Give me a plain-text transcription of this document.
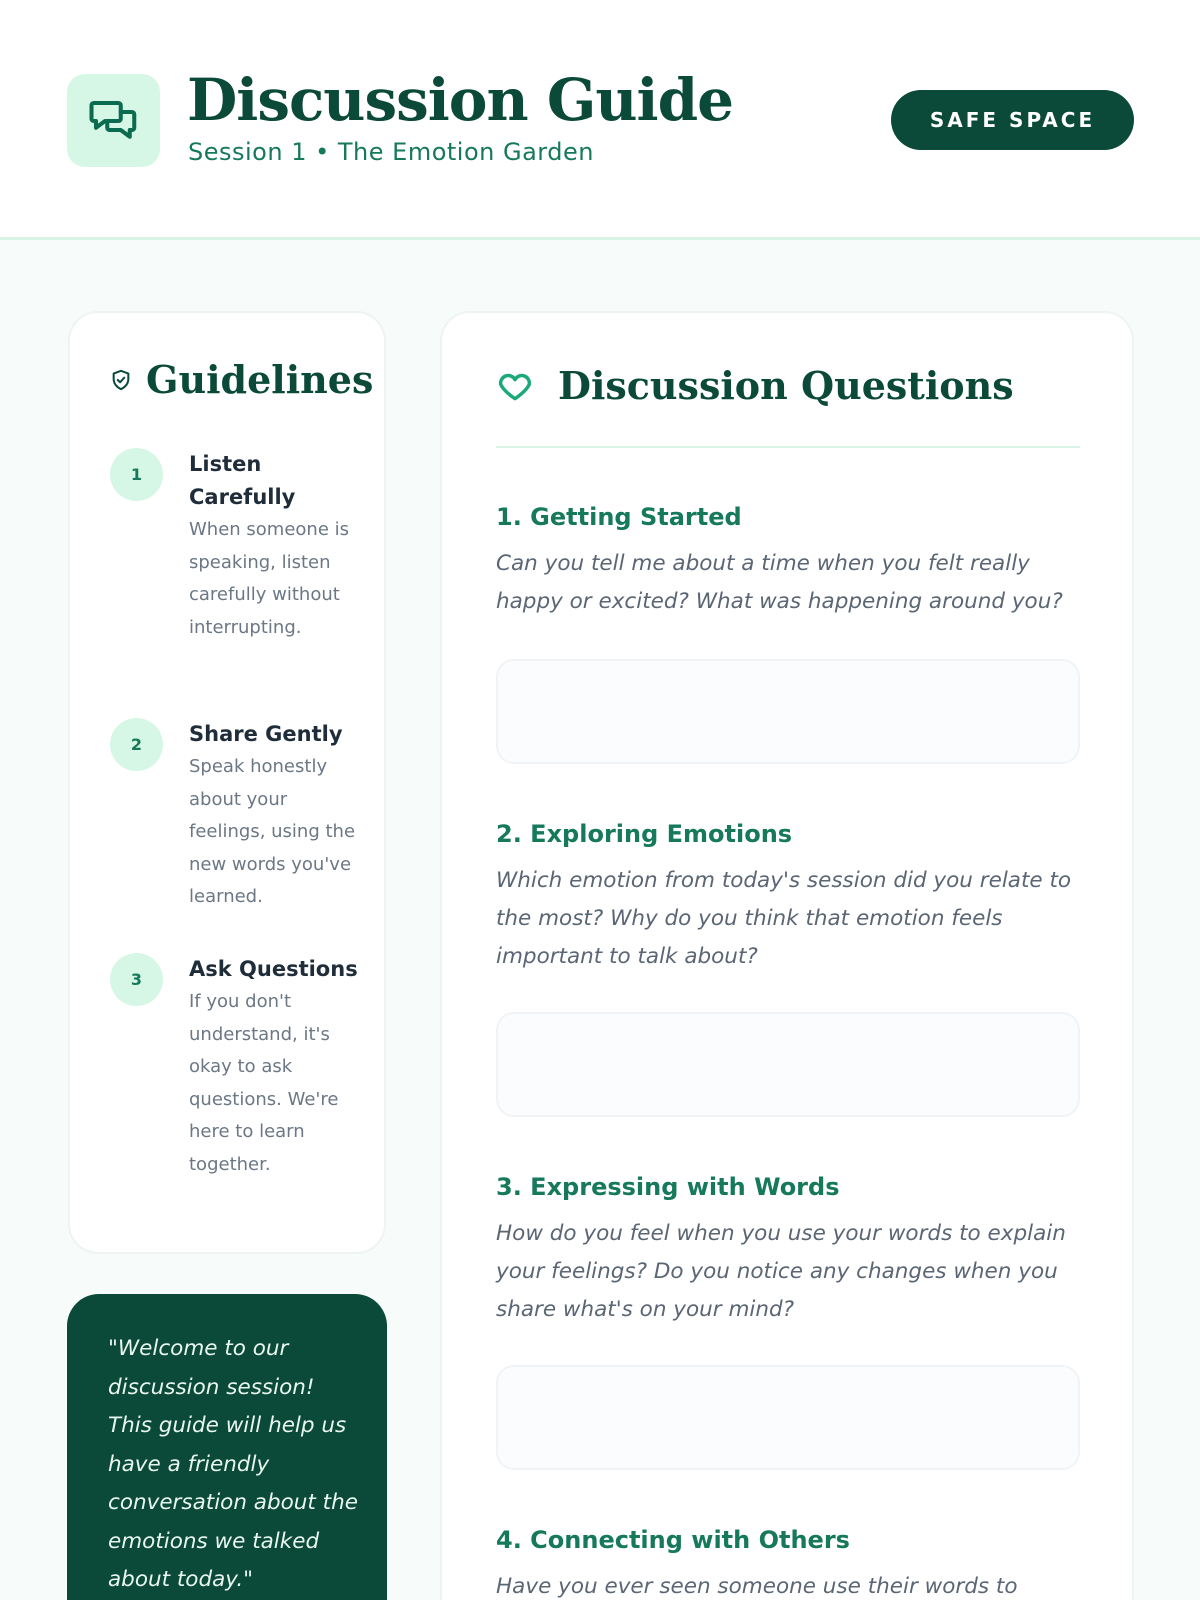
Discussion Guide
Session 1 • The Emotion Garden
SAFE SPACE
Guidelines
1	Listen Carefully
When someone is speaking, listen carefully without interrupting.
2	Share Gently
Speak honestly about your feelings, using the new words you've learned.
3	Ask Questions
If you don't understand, it's okay to ask questions. We're here to learn together.
"Welcome to our discussion session! This guide will help us have a friendly conversation about the emotions we talked about today."
Discussion Questions
1. Getting Started
Can you tell me about a time when you felt really happy or excited? What was happening around you?
2. Exploring Emotions
Which emotion from today's session did you relate to the most? Why do you think that emotion feels important to talk about?
3. Expressing with Words
How do you feel when you use your words to explain your feelings? Do you notice any changes when you share what's on your mind?
4. Connecting with Others
Have you ever seen someone use their words to
